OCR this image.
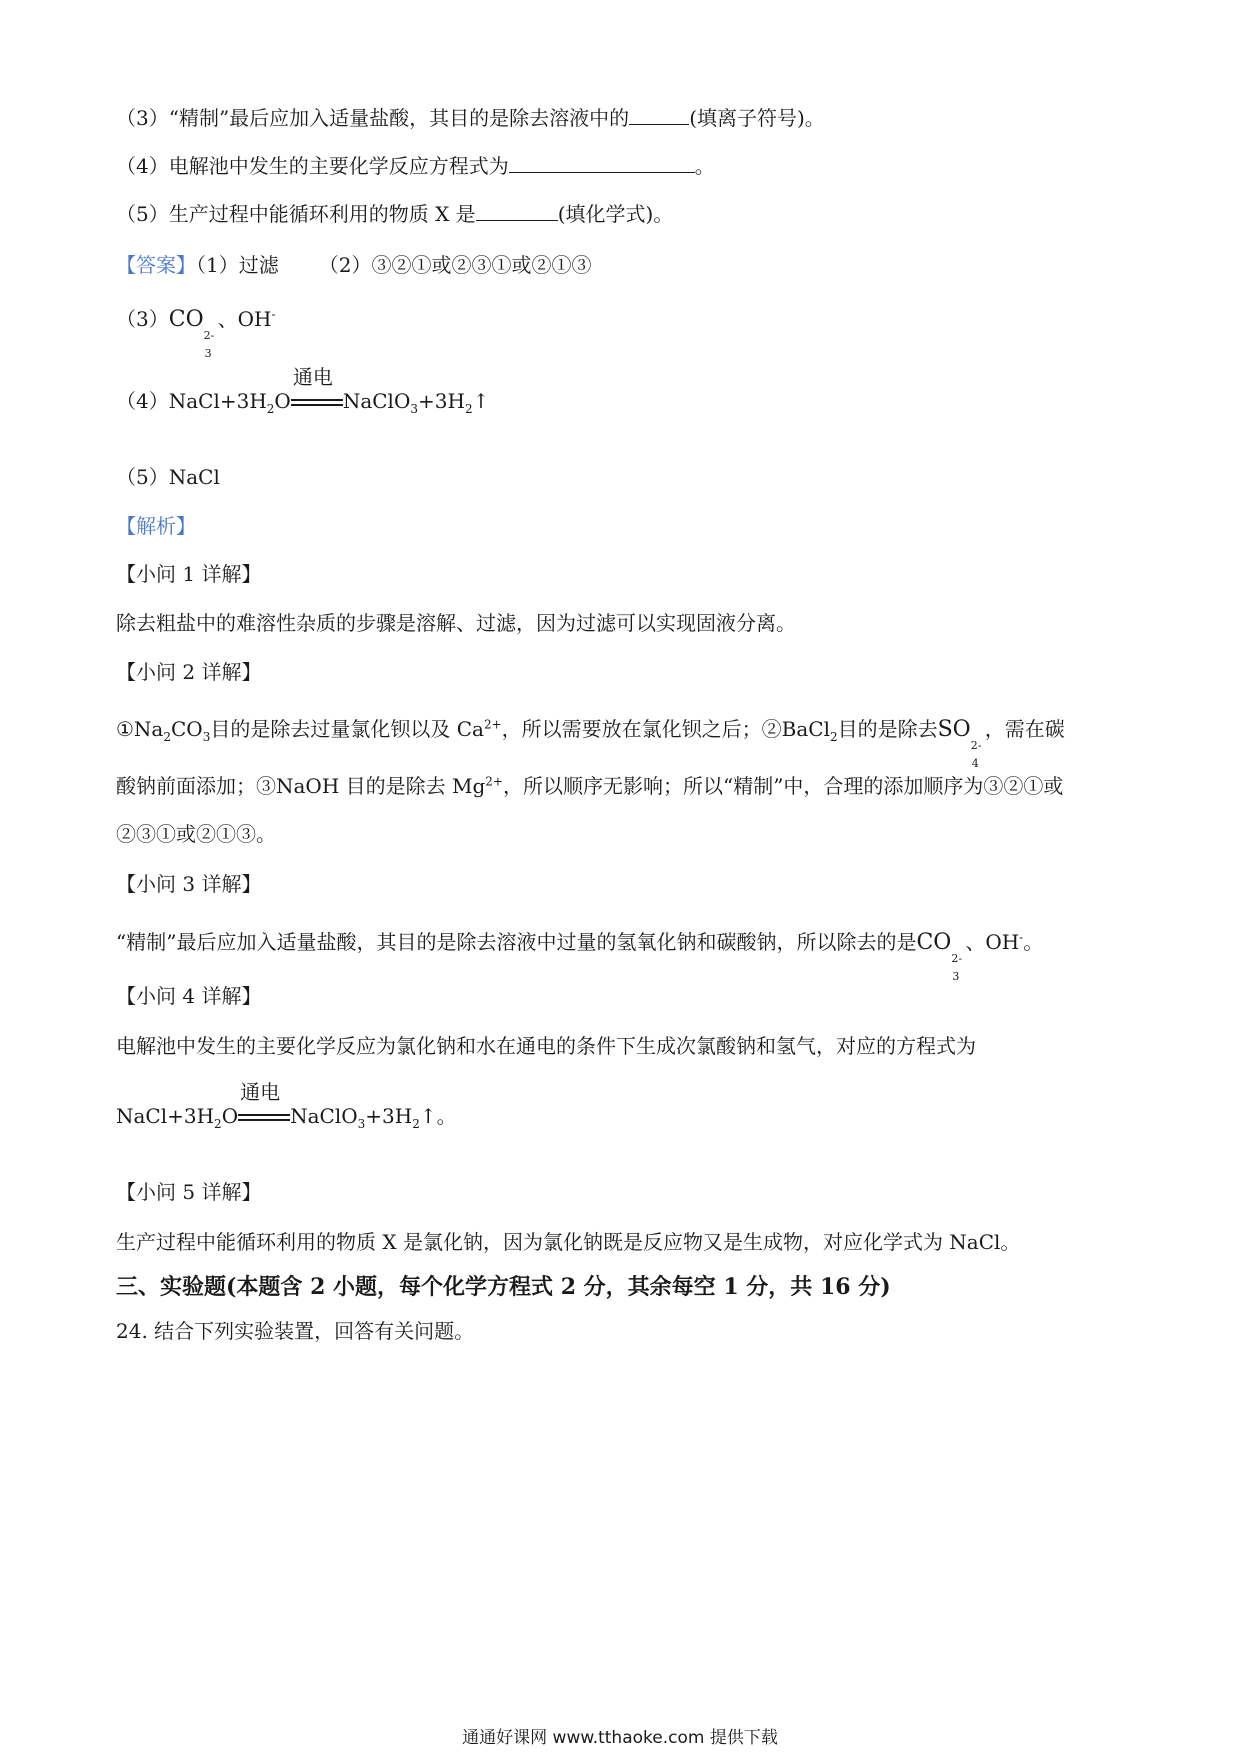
（3）“精制”最后应加入适量盐酸，其目的是除去溶液中的	(填离子符号)。
（4）电解池中发生的主要化学反应方程式为	。
（5）生产过程中能循环利用的物质 X 是	(填化学式)。
【答案】（1）过滤 （2）③②①或②③①或②①③
（3）CO
2-
3
、OH-
$(4)NaCl+3H_2O$
通电
$NaClO_3+3H_2↑$
（5）NaCl
【解析】
【小问 1 详解】
除去粗盐中的难溶性杂质的步骤是溶解、过滤，因为过滤可以实现固液分离。
【小问 2 详解】
$①Na_2CO_3$目的是除去过量氯化钡以及 $Ca^{2+}$，所以需要放在氯化钡之后；②BaCl$_2$目的是除去SO
2-
4
，需在碳
酸钠前面添加；③NaOH 目的是除去 $Mg^{2+}$，所以顺序无影响；所以“精制”中，合理的添加顺序为③②①或
②③①或②①③。
【小问 3 详解】
“精制”最后应加入适量盐酸，其目的是除去溶液中过量的氢氧化钠和碳酸钠，所以除去的是CO
2-
3
、OH-。
【小问 4 详解】
电解池中发生的主要化学反应为氯化钠和水在通电的条件下生成次氯酸钠和氢气，对应的方程式为
$NaCl+3H_2O$
通电
$NaClO_3+3H_2↑$。
【小问 5 详解】
生产过程中能循环利用的物质 X 是氯化钠，因为氯化钠既是反应物又是生成物，对应化学式为 NaCl。
三、实验题(本题含 2 小题，每个化学方程式 2 分，其余每空 1 分，共 16 分)
24. 结合下列实验装置，回答有关问题。
通通好课网 www.tthaoke.com 提供下载
